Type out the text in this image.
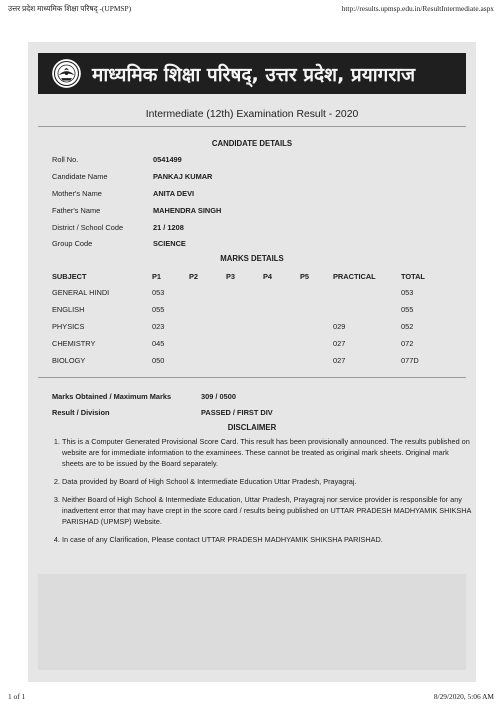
उत्तर प्रदेश माध्यमिक शिक्षा परिषद् -(UPMSP)	http://results.upmsp.edu.in/ResultIntermediate.aspx
माध्यमिक शिक्षा परिषद्, उत्तर प्रदेश, प्रयागराज
Intermediate (12th) Examination Result - 2020
CANDIDATE DETAILS
Roll No.	0541499
Candidate Name	PANKAJ KUMAR
Mother's Name	ANITA DEVI
Father's Name	MAHENDRA SINGH
District / School Code	21 / 1208
Group Code	SCIENCE
MARKS DETAILS
SUBJECT	P1	P2	P3	P4	P5	PRACTICAL	TOTAL
GENERAL HINDI	053						053
ENGLISH	055						055
PHYSICS	023					029	052
CHEMISTRY	045					027	072
BIOLOGY	050					027	077D
Marks Obtained / Maximum Marks	309 / 0500
Result / Division	PASSED / FIRST DIV
DISCLAIMER
1. This is a Computer Generated Provisional Score Card. This result has been provisionally announced. The results published on website are for immediate information to the examinees. These cannot be treated as original mark sheets. Original mark sheets are to be issued by the Board separately.
2. Data provided by Board of High School & Intermediate Education Uttar Pradesh, Prayagraj.
3. Neither Board of High School & Intermediate Education, Uttar Pradesh, Prayagraj nor service provider is responsible for any inadvertent error that may have crept in the score card / results being published on UTTAR PRADESH MADHYAMIK SHIKSHA PARISHAD (UPMSP) Website.
4. In case of any Clarification, Please contact UTTAR PRADESH MADHYAMIK SHIKSHA PARISHAD.
1 of 1	8/29/2020, 5:06 AM
